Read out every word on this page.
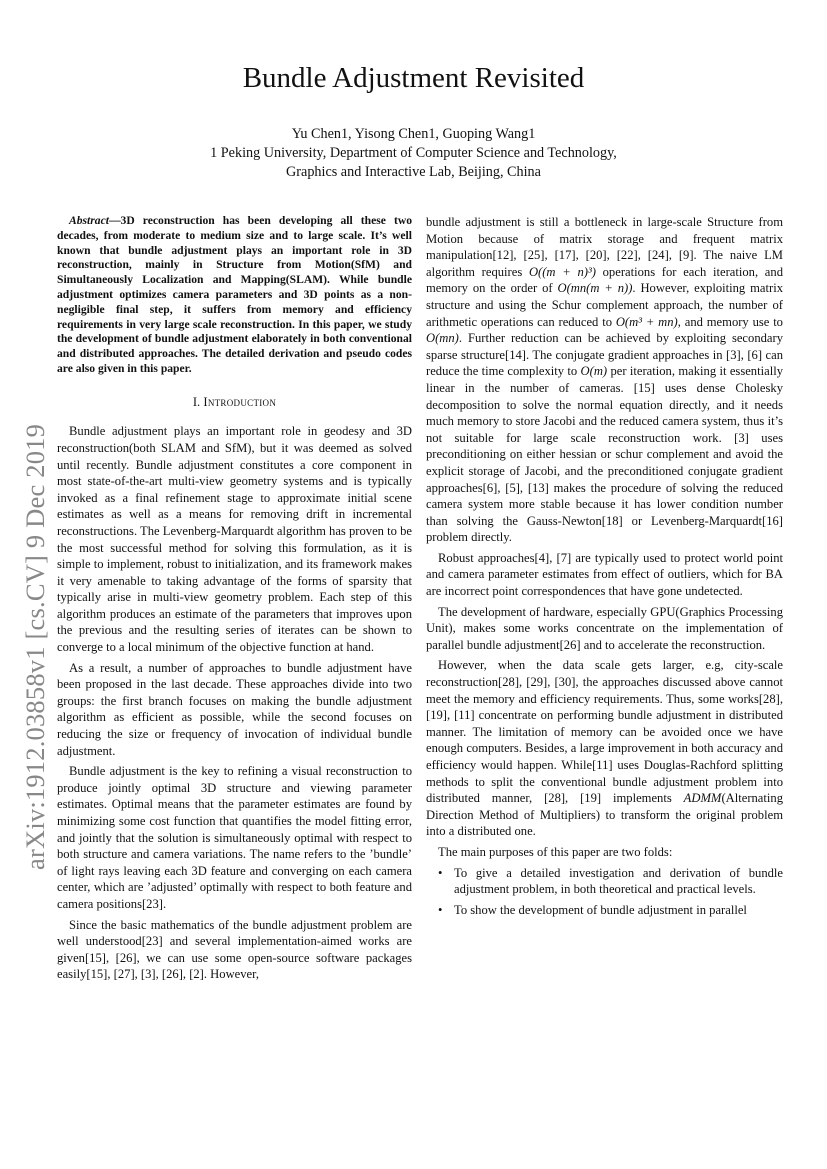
arXiv:1912.03858v1 [cs.CV] 9 Dec 2019
Bundle Adjustment Revisited
Yu Chen1, Yisong Chen1, Guoping Wang1
1 Peking University, Department of Computer Science and Technology,
Graphics and Interactive Lab, Beijing, China

Abstract—3D reconstruction has been developing all these two decades, from moderate to medium size and to large scale. It’s well known that bundle adjustment plays an important role in 3D reconstruction, mainly in Structure from Motion(SfM) and Simultaneously Localization and Mapping(SLAM). While bundle adjustment optimizes camera parameters and 3D points as a non-negligible final step, it suffers from memory and efficiency requirements in very large scale reconstruction. In this paper, we study the development of bundle adjustment elaborately in both conventional and distributed approaches. The detailed derivation and pseudo codes are also given in this paper.

I. Introduction

Bundle adjustment plays an important role in geodesy and 3D reconstruction(both SLAM and SfM), but it was deemed as solved until recently. Bundle adjustment constitutes a core component in most state-of-the-art multi-view geometry systems and is typically invoked as a final refinement stage to approximate initial scene estimates as well as a means for removing drift in incremental reconstructions. The Levenberg-Marquardt algorithm has proven to be the most successful method for solving this formulation, as it is simple to implement, robust to initialization, and its framework makes it very amenable to taking advantage of the forms of sparsity that typically arise in multi-view geometry problem. Each step of this algorithm produces an estimate of the parameters that improves upon the previous and the resulting series of iterates can be shown to converge to a local minimum of the objective function at hand.

As a result, a number of approaches to bundle adjustment have been proposed in the last decade. These approaches divide into two groups: the first branch focuses on making the bundle adjustment algorithm as efficient as possible, while the second focuses on reducing the size or frequency of invocation of individual bundle adjustment.

Bundle adjustment is the key to refining a visual reconstruction to produce jointly optimal 3D structure and viewing parameter estimates. Optimal means that the parameter estimates are found by minimizing some cost function that quantifies the model fitting error, and jointly that the solution is simultaneously optimal with respect to both structure and camera variations. The name refers to the ’bundle’ of light rays leaving each 3D feature and converging on each camera center, which are ’adjusted’ optimally with respect to both feature and camera positions[23].

Since the basic mathematics of the bundle adjustment problem are well understood[23] and several implementation-aimed works are given[15], [26], we can use some open-source software packages easily[15], [27], [3], [26], [2]. However,

bundle adjustment is still a bottleneck in large-scale Structure from Motion because of matrix storage and frequent matrix manipulation[12], [25], [17], [20], [22], [24], [9]. The naive LM algorithm requires O((m + n)³) operations for each iteration, and memory on the order of O(mn(m + n)). However, exploiting matrix structure and using the Schur complement approach, the number of arithmetic operations can reduced to O(m³ + mn), and memory use to O(mn). Further reduction can be achieved by exploiting secondary sparse structure[14]. The conjugate gradient approaches in [3], [6] can reduce the time complexity to O(m) per iteration, making it essentially linear in the number of cameras. [15] uses dense Cholesky decomposition to solve the normal equation directly, and it needs much memory to store Jacobi and the reduced camera system, thus it’s not suitable for large scale reconstruction work. [3] uses preconditioning on either hessian or schur complement and avoid the explicit storage of Jacobi, and the preconditioned conjugate gradient approaches[6], [5], [13] makes the procedure of solving the reduced camera system more stable because it has lower condition number than solving the Gauss-Newton[18] or Levenberg-Marquardt[16] problem directly.

Robust approaches[4], [7] are typically used to protect world point and camera parameter estimates from effect of outliers, which for BA are incorrect point correspondences that have gone undetected.

The development of hardware, especially GPU(Graphics Processing Unit), makes some works concentrate on the implementation of parallel bundle adjustment[26] and to accelerate the reconstruction.

However, when the data scale gets larger, e.g, city-scale reconstruction[28], [29], [30], the approaches discussed above cannot meet the memory and efficiency requirements. Thus, some works[28], [19], [11] concentrate on performing bundle adjustment in distributed manner. The limitation of memory can be avoided once we have enough computers. Besides, a large improvement in both accuracy and efficiency would happen. While[11] uses Douglas-Rachford splitting methods to split the conventional bundle adjustment problem into distributed manner, [28], [19] implements ADMM(Alternating Direction Method of Multipliers) to transform the original problem into a distributed one.

The main purposes of this paper are two folds:

• To give a detailed investigation and derivation of bundle adjustment problem, in both theoretical and practical levels.
• To show the development of bundle adjustment in parallel
